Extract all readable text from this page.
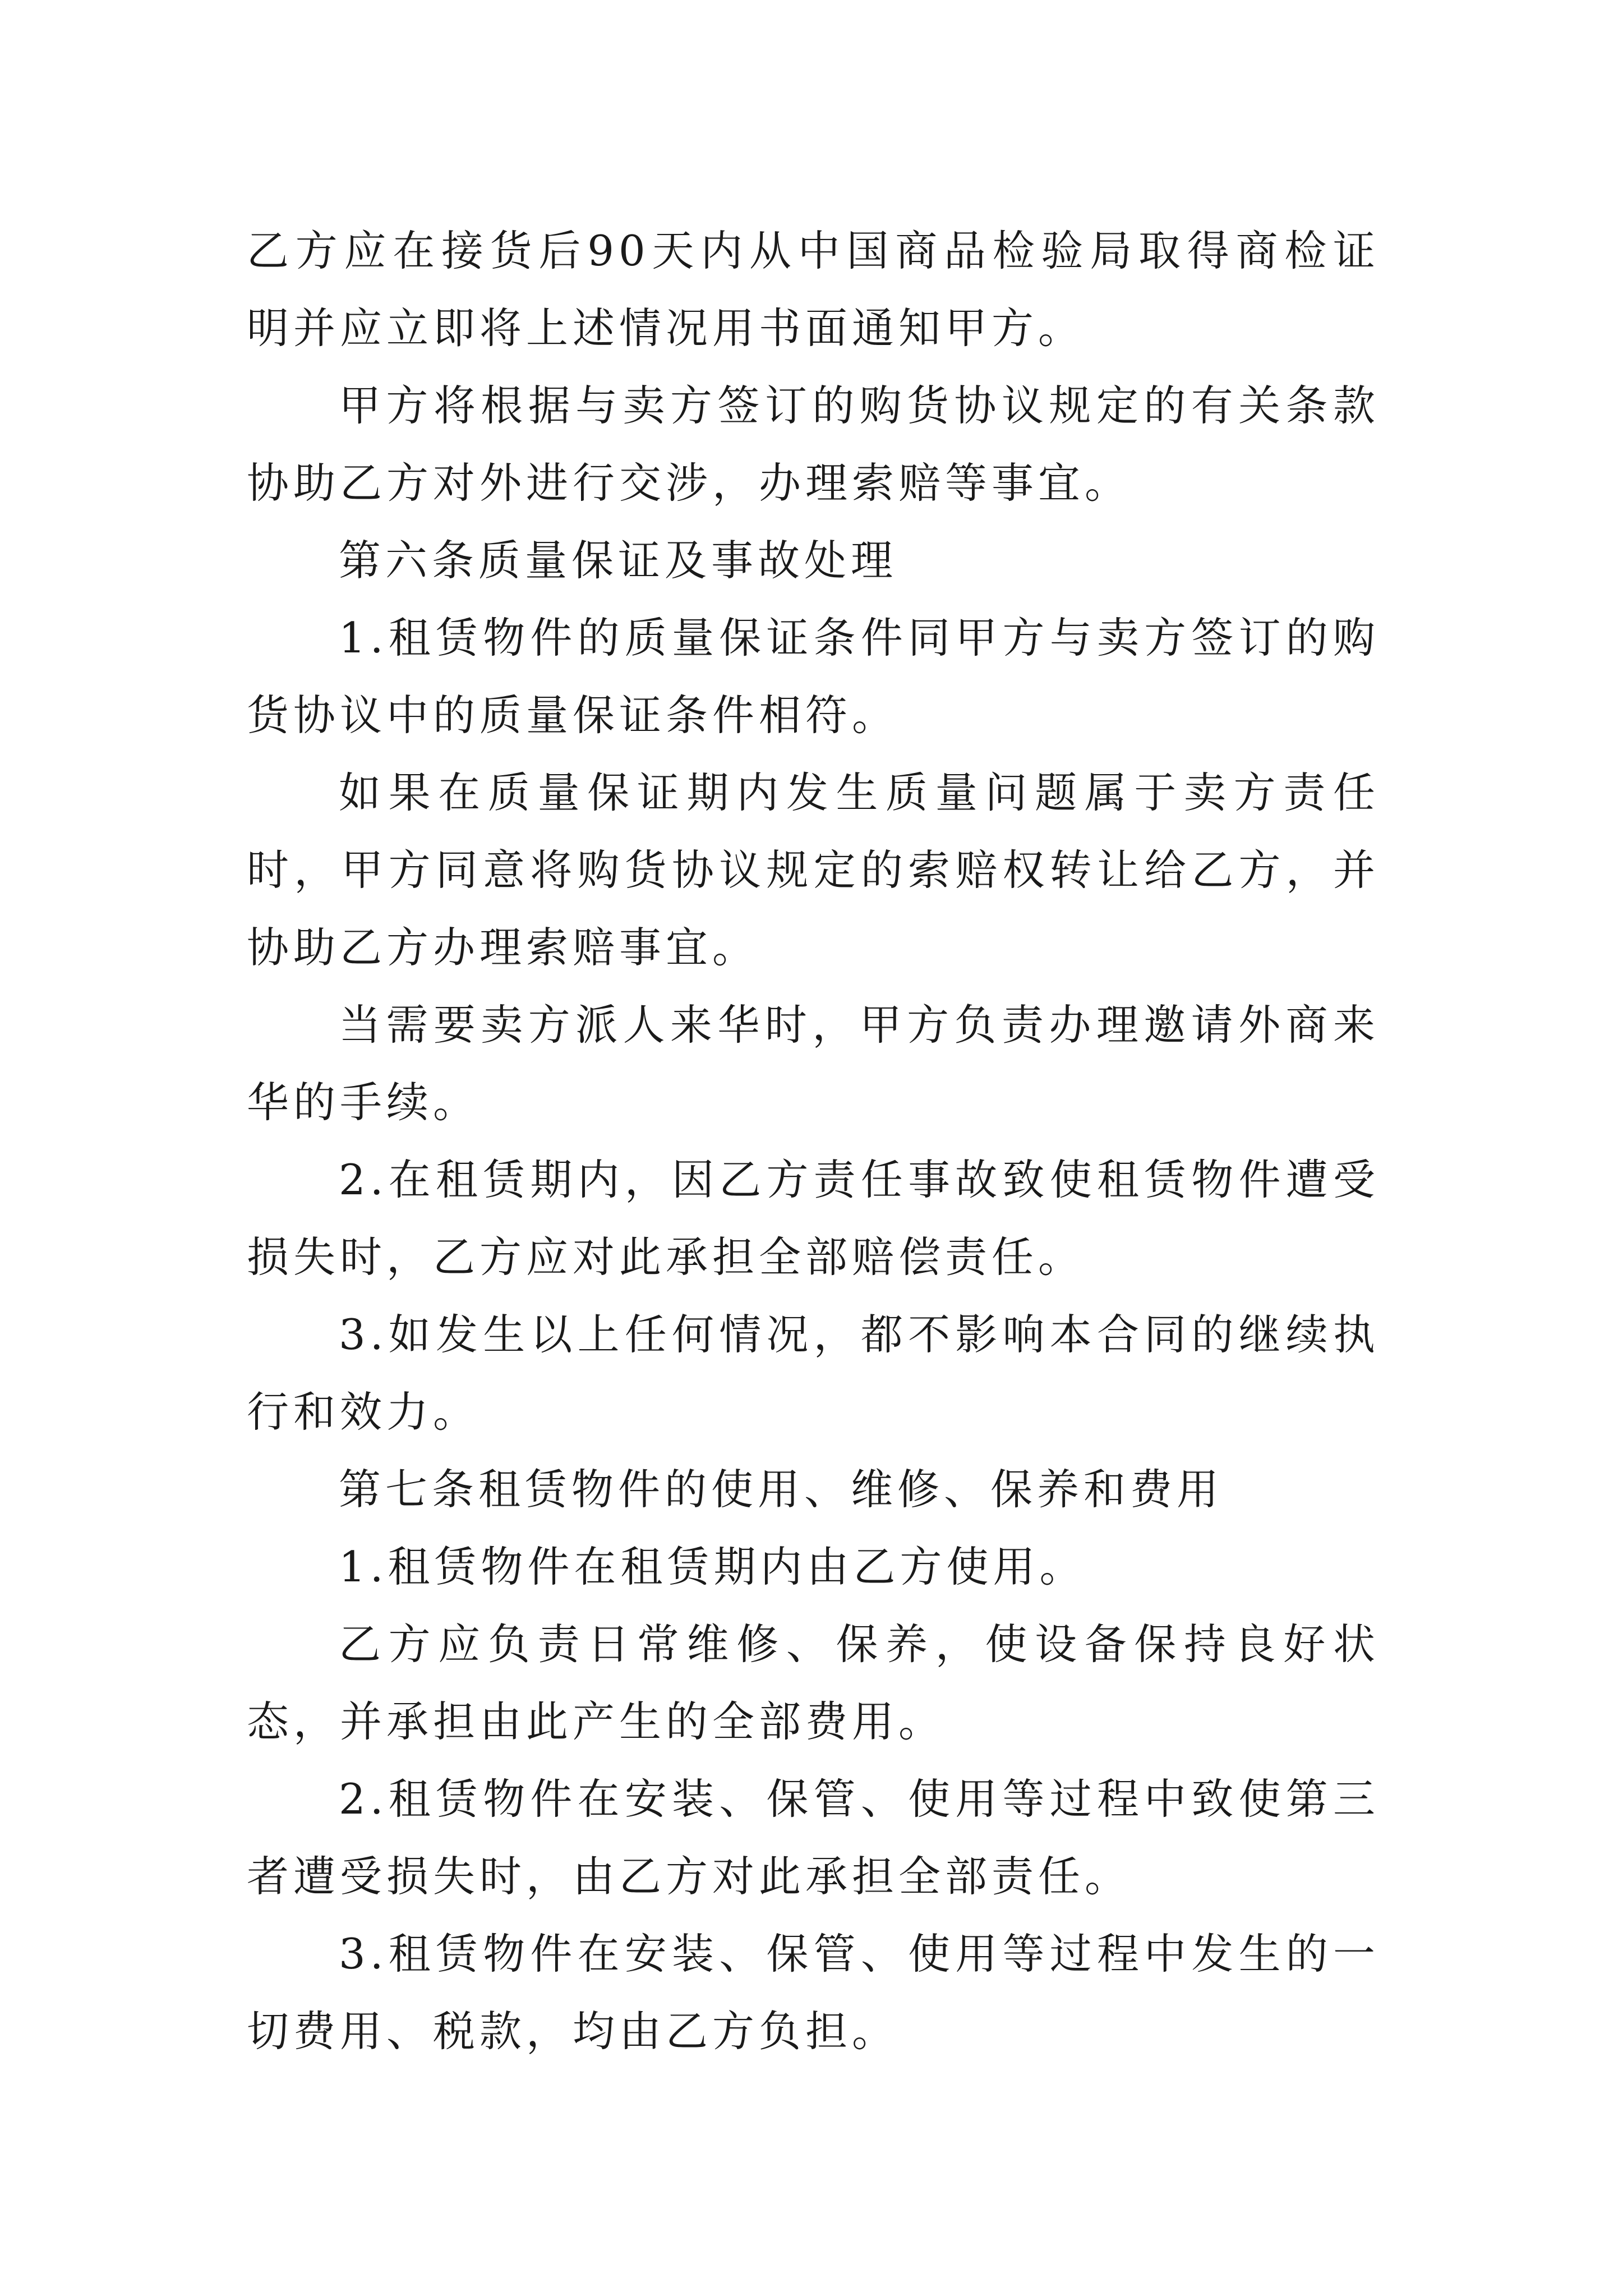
乙方应在接货后90天内从中国商品检验局取得商检证明并应立即将上述情况用书面通知甲方。

甲方将根据与卖方签订的购货协议规定的有关条款协助乙方对外进行交涉，办理索赔等事宜。

第六条质量保证及事故处理

1.租赁物件的质量保证条件同甲方与卖方签订的购货协议中的质量保证条件相符。

如果在质量保证期内发生质量问题属于卖方责任时，甲方同意将购货协议规定的索赔权转让给乙方，并协助乙方办理索赔事宜。

当需要卖方派人来华时，甲方负责办理邀请外商来华的手续。

2.在租赁期内，因乙方责任事故致使租赁物件遭受损失时，乙方应对此承担全部赔偿责任。

3.如发生以上任何情况，都不影响本合同的继续执行和效力。

第七条租赁物件的使用、维修、保养和费用

1.租赁物件在租赁期内由乙方使用。

乙方应负责日常维修、保养，使设备保持良好状态，并承担由此产生的全部费用。

2.租赁物件在安装、保管、使用等过程中致使第三者遭受损失时，由乙方对此承担全部责任。

3.租赁物件在安装、保管、使用等过程中发生的一切费用、税款，均由乙方负担。
